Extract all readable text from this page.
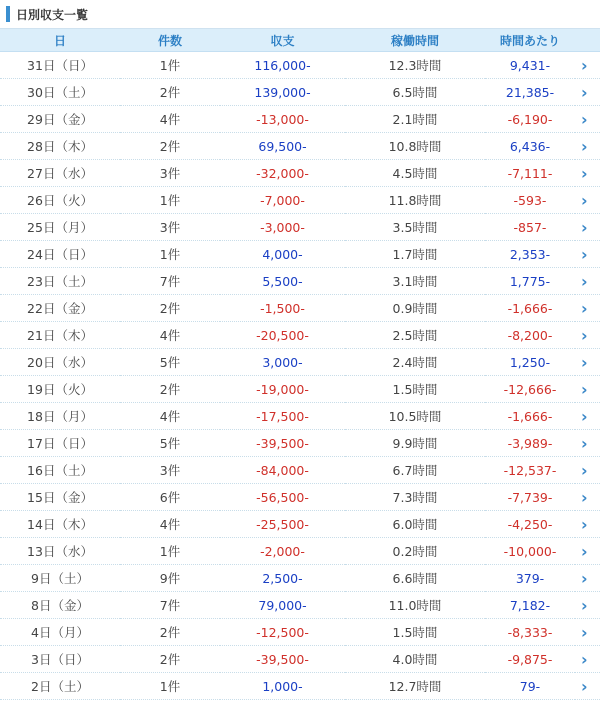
日別収支一覧
日	件数	収支	稼働時間	時間あたり	
31日（日）	1件	116,000-	12.3時間	9,431-	›
30日（土）	2件	139,000-	6.5時間	21,385-	›
29日（金）	4件	-13,000-	2.1時間	-6,190-	›
28日（木）	2件	69,500-	10.8時間	6,436-	›
27日（水）	3件	-32,000-	4.5時間	-7,111-	›
26日（火）	1件	-7,000-	11.8時間	-593-	›
25日（月）	3件	-3,000-	3.5時間	-857-	›
24日（日）	1件	4,000-	1.7時間	2,353-	›
23日（土）	7件	5,500-	3.1時間	1,775-	›
22日（金）	2件	-1,500-	0.9時間	-1,666-	›
21日（木）	4件	-20,500-	2.5時間	-8,200-	›
20日（水）	5件	3,000-	2.4時間	1,250-	›
19日（火）	2件	-19,000-	1.5時間	-12,666-	›
18日（月）	4件	-17,500-	10.5時間	-1,666-	›
17日（日）	5件	-39,500-	9.9時間	-3,989-	›
16日（土）	3件	-84,000-	6.7時間	-12,537-	›
15日（金）	6件	-56,500-	7.3時間	-7,739-	›
14日（木）	4件	-25,500-	6.0時間	-4,250-	›
13日（水）	1件	-2,000-	0.2時間	-10,000-	›
9日（土）	9件	2,500-	6.6時間	379-	›
8日（金）	7件	79,000-	11.0時間	7,182-	›
4日（月）	2件	-12,500-	1.5時間	-8,333-	›
3日（日）	2件	-39,500-	4.0時間	-9,875-	›
2日（土）	1件	1,000-	12.7時間	79-	›
